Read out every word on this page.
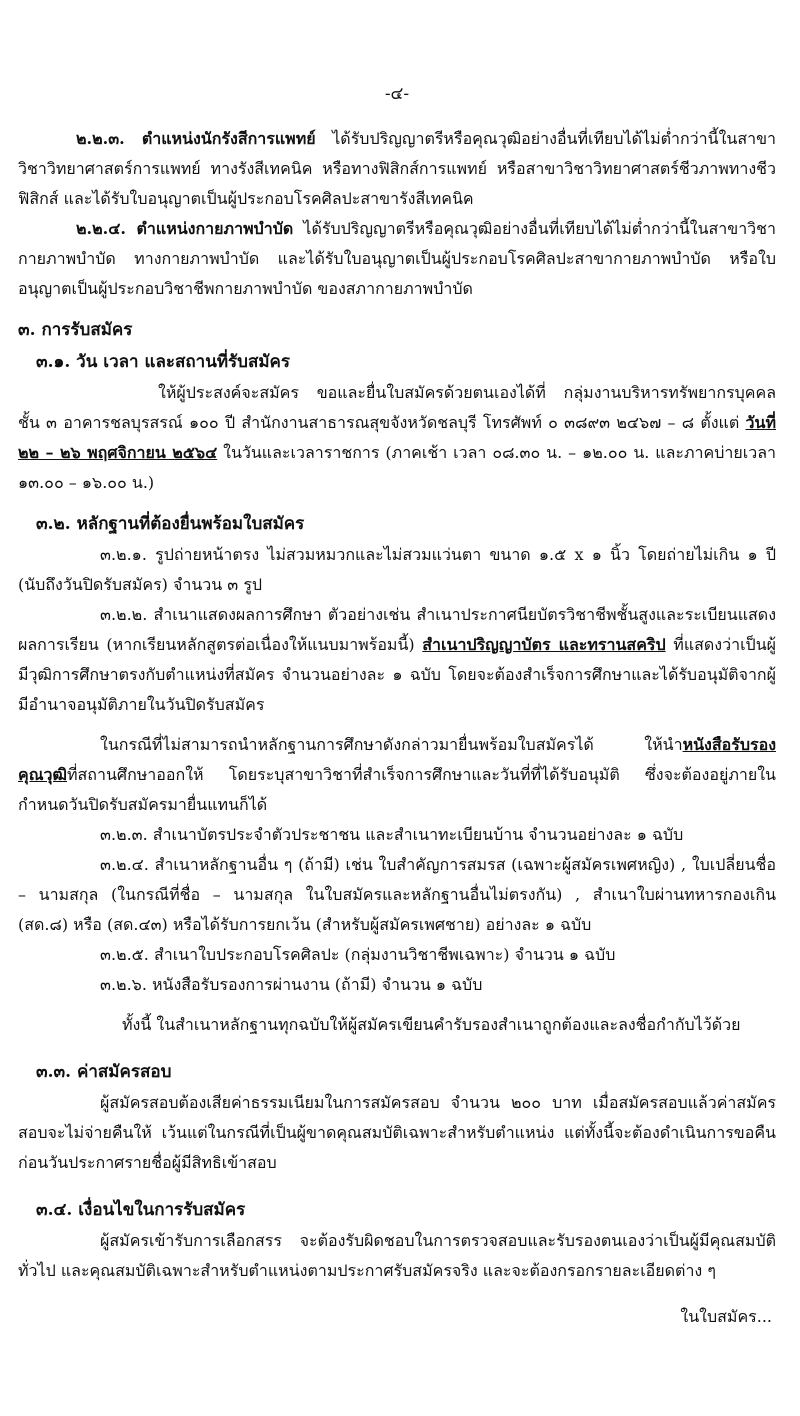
-๔-

๒.๒.๓. ตำแหน่งนักรังสีการแพทย์ ได้รับปริญญาตรีหรือคุณวุฒิอย่างอื่นที่เทียบได้ไม่ต่ำกว่านี้ในสาขาวิชาวิทยาศาสตร์การแพทย์ ทางรังสีเทคนิค หรือทางฟิสิกส์การแพทย์ หรือสาขาวิชาวิทยาศาสตร์ชีวภาพทางชีวฟิสิกส์ และได้รับใบอนุญาตเป็นผู้ประกอบโรคศิลปะสาขารังสีเทคนิค

๒.๒.๔. ตำแหน่งกายภาพบำบัด ได้รับปริญญาตรีหรือคุณวุฒิอย่างอื่นที่เทียบได้ไม่ต่ำกว่านี้ในสาขาวิชากายภาพบำบัด ทางกายภาพบำบัด และได้รับใบอนุญาตเป็นผู้ประกอบโรคศิลปะสาขากายภาพบำบัด หรือใบอนุญาตเป็นผู้ประกอบวิชาชีพกายภาพบำบัด ของสภากายภาพบำบัด

๓. การรับสมัคร
๓.๑. วัน เวลา และสถานที่รับสมัคร

ให้ผู้ประสงค์จะสมัคร ขอและยื่นใบสมัครด้วยตนเองได้ที่ กลุ่มงานบริหารทรัพยากรบุคคล ชั้น ๓ อาคารชลบุรสรณ์ ๑๐๐ ปี สำนักงานสาธารณสุขจังหวัดชลบุรี โทรศัพท์ ๐ ๓๘๙๓ ๒๔๖๗ – ๘ ตั้งแต่ วันที่ ๒๒ – ๒๖ พฤศจิกายน ๒๕๖๔ ในวันและเวลาราชการ (ภาคเช้า เวลา ๐๘.๓๐ น. – ๑๒.๐๐ น. และภาคบ่ายเวลา ๑๓.๐๐ – ๑๖.๐๐ น.)

๓.๒. หลักฐานที่ต้องยื่นพร้อมใบสมัคร

๓.๒.๑. รูปถ่ายหน้าตรง ไม่สวมหมวกและไม่สวมแว่นตา ขนาด ๑.๕ x ๑ นิ้ว โดยถ่ายไม่เกิน ๑ ปี (นับถึงวันปิดรับสมัคร) จำนวน ๓ รูป

๓.๒.๒. สำเนาแสดงผลการศึกษา ตัวอย่างเช่น สำเนาประกาศนียบัตรวิชาชีพชั้นสูงและระเบียนแสดงผลการเรียน (หากเรียนหลักสูตรต่อเนื่องให้แนบมาพร้อมนี้) สำเนาปริญญาบัตร และทรานสคริป ที่แสดงว่าเป็นผู้มีวุฒิการศึกษาตรงกับตำแหน่งที่สมัคร จำนวนอย่างละ ๑ ฉบับ โดยจะต้องสำเร็จการศึกษาและได้รับอนุมัติจากผู้มีอำนาจอนุมัติภายในวันปิดรับสมัคร

ในกรณีที่ไม่สามารถนำหลักฐานการศึกษาดังกล่าวมายื่นพร้อมใบสมัครได้ ให้นำหนังสือรับรองคุณวุฒิที่สถานศึกษาออกให้ โดยระบุสาขาวิชาที่สำเร็จการศึกษาและวันที่ที่ได้รับอนุมัติ ซึ่งจะต้องอยู่ภายในกำหนดวันปิดรับสมัครมายื่นแทนก็ได้

๓.๒.๓. สำเนาบัตรประจำตัวประชาชน และสำเนาทะเบียนบ้าน จำนวนอย่างละ ๑ ฉบับ

๓.๒.๔. สำเนาหลักฐานอื่น ๆ (ถ้ามี) เช่น ใบสำคัญการสมรส (เฉพาะผู้สมัครเพศหญิง) , ใบเปลี่ยนชื่อ – นามสกุล (ในกรณีที่ชื่อ – นามสกุล ในใบสมัครและหลักฐานอื่นไม่ตรงกัน) , สำเนาใบผ่านทหารกองเกิน (สด.๘) หรือ (สด.๔๓) หรือได้รับการยกเว้น (สำหรับผู้สมัครเพศชาย) อย่างละ ๑ ฉบับ

๓.๒.๕. สำเนาใบประกอบโรคศิลปะ (กลุ่มงานวิชาชีพเฉพาะ) จำนวน ๑ ฉบับ

๓.๒.๖. หนังสือรับรองการผ่านงาน (ถ้ามี) จำนวน ๑ ฉบับ

ทั้งนี้ ในสำเนาหลักฐานทุกฉบับให้ผู้สมัครเขียนคำรับรองสำเนาถูกต้องและลงชื่อกำกับไว้ด้วย

๓.๓. ค่าสมัครสอบ

ผู้สมัครสอบต้องเสียค่าธรรมเนียมในการสมัครสอบ จำนวน ๒๐๐ บาท เมื่อสมัครสอบแล้วค่าสมัครสอบจะไม่จ่ายคืนให้ เว้นแต่ในกรณีที่เป็นผู้ขาดคุณสมบัติเฉพาะสำหรับตำแหน่ง แต่ทั้งนี้จะต้องดำเนินการขอคืนก่อนวันประกาศรายชื่อผู้มีสิทธิเข้าสอบ

๓.๔. เงื่อนไขในการรับสมัคร

ผู้สมัครเข้ารับการเลือกสรร จะต้องรับผิดชอบในการตรวจสอบและรับรองตนเองว่าเป็นผู้มีคุณสมบัติทั่วไป และคุณสมบัติเฉพาะสำหรับตำแหน่งตามประกาศรับสมัครจริง และจะต้องกรอกรายละเอียดต่าง ๆ

ในใบสมัคร...
